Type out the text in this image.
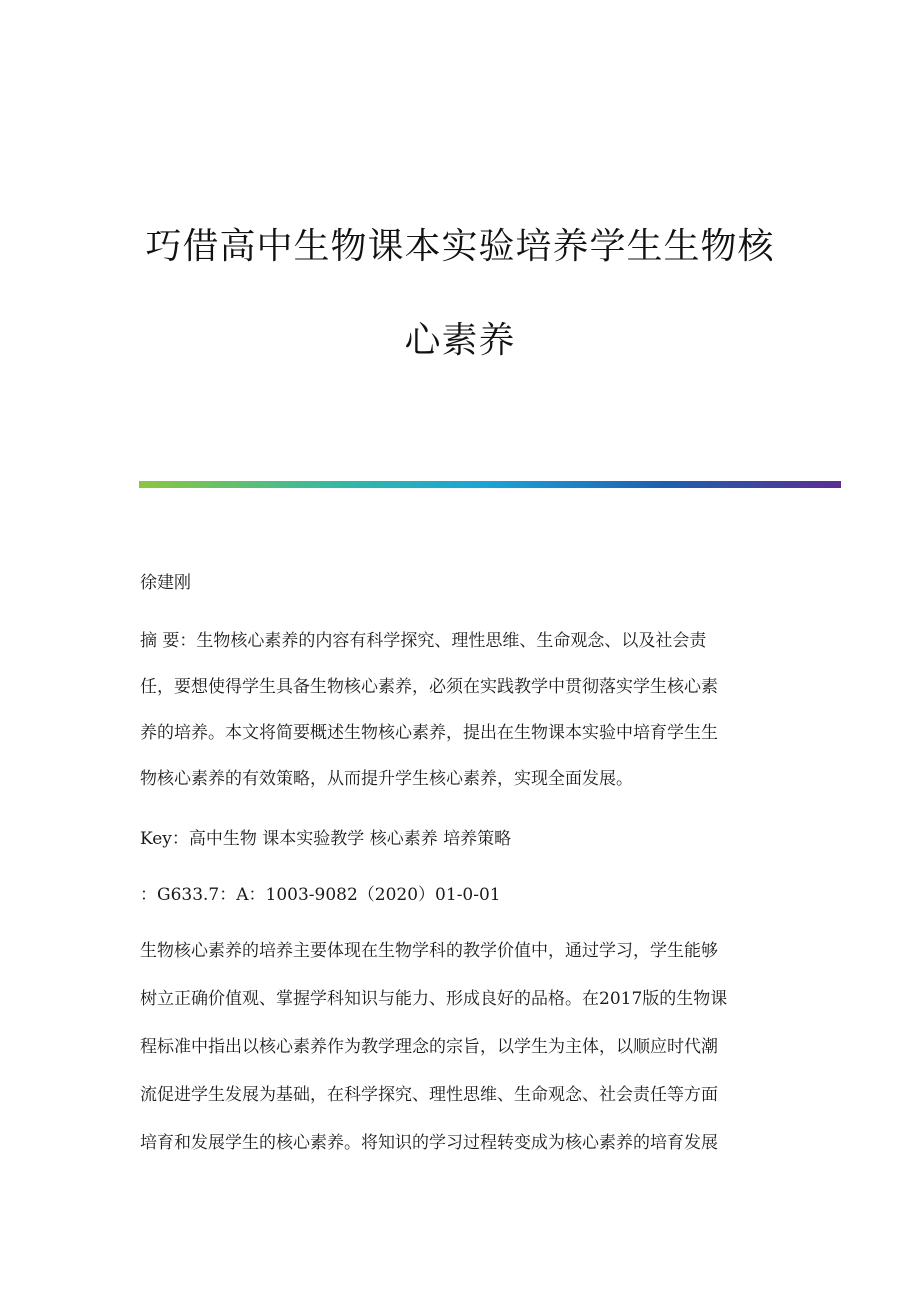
巧借高中生物课本实验培养学生生物核
心素养
徐建刚
摘 要：生物核心素养的内容有科学探究、理性思维、生命观念、以及社会责
任，要想使得学生具备生物核心素养，必须在实践教学中贯彻落实学生核心素
养的培养。本文将简要概述生物核心素养，提出在生物课本实验中培育学生生
物核心素养的有效策略，从而提升学生核心素养，实现全面发展。
Key：高中生物 课本实验教学 核心素养 培养策略
：G633.7：A：1003-9082（2020）01-0-01
生物核心素养的培养主要体现在生物学科的教学价值中，通过学习，学生能够
树立正确价值观、掌握学科知识与能力、形成良好的品格。在2017版的生物课
程标准中指出以核心素养作为教学理念的宗旨，以学生为主体，以顺应时代潮
流促进学生发展为基础，在科学探究、理性思维、生命观念、社会责任等方面
培育和发展学生的核心素养。将知识的学习过程转变成为核心素养的培育发展
